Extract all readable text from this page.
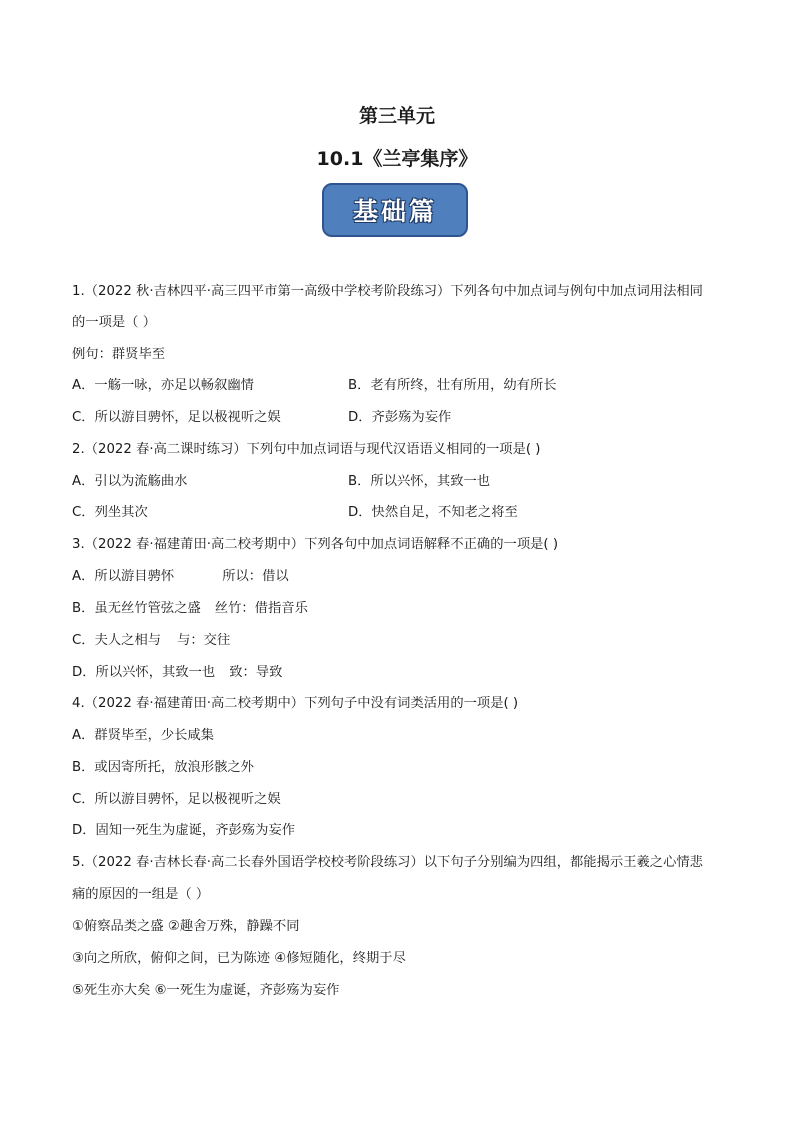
第三单元
10.1《兰亭集序》
基础篇
1.（2022 秋·吉林四平·高三四平市第一高级中学校考阶段练习）下列各句中加点词与例句中加点词用法相同
的一项是（ ）
例句：群贤毕至
A．一觞一咏，亦足以畅叙幽情	B．老有所终，壮有所用，幼有所长
C．所以游目骋怀，足以极视听之娱	D．齐彭殇为妄作
2.（2022 春·高二课时练习）下列句中加点词语与现代汉语语义相同的一项是( )
A．引以为流觞曲水	B．所以兴怀，其致一也
C．列坐其次	D．快然自足，不知老之将至
3.（2022 春·福建莆田·高二校考期中）下列各句中加点词语解释不正确的一项是( )
A．所以游目骋怀	所以：借以
B．虽无丝竹管弦之盛 丝竹：借指音乐
C．夫人之相与 与：交往
D．所以兴怀，其致一也 致：导致
4.（2022 春·福建莆田·高二校考期中）下列句子中没有词类活用的一项是( )
A．群贤毕至，少长咸集
B．或因寄所托，放浪形骸之外
C．所以游目骋怀，足以极视听之娱
D．固知一死生为虚诞，齐彭殇为妄作
5.（2022 春·吉林长春·高二长春外国语学校校考阶段练习）以下句子分别编为四组，都能揭示王羲之心情悲
痛的原因的一组是（ ）
①俯察品类之盛 ②趣舍万殊，静躁不同
③向之所欣，俯仰之间，已为陈迹 ④修短随化，终期于尽
⑤死生亦大矣 ⑥一死生为虚诞，齐彭殇为妄作
